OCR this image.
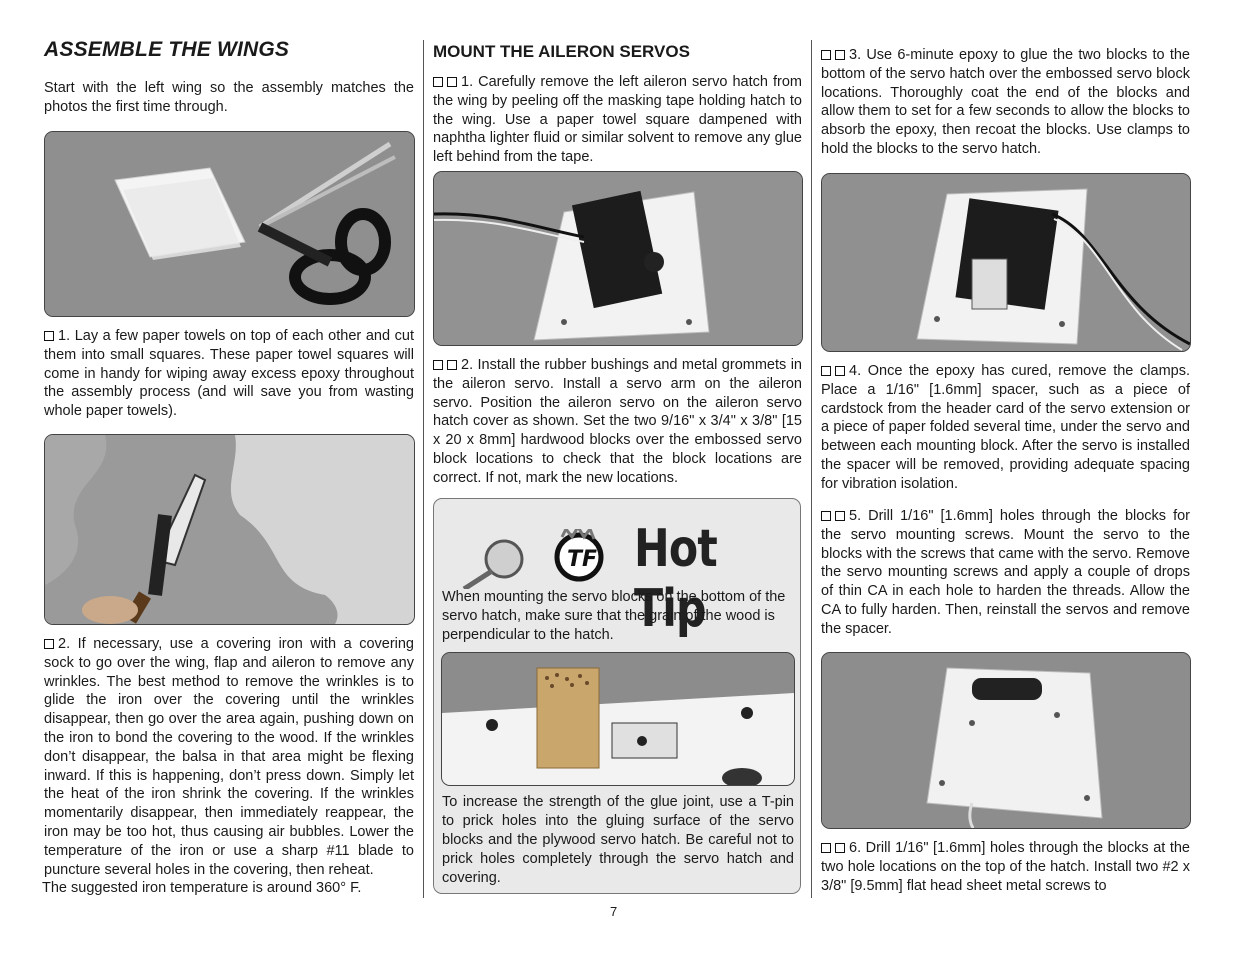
ASSEMBLE THE WINGS

Start with the left wing so the assembly matches the photos the first time through.

1. Lay a few paper towels on top of each other and cut them into small squares. These paper towel squares will come in handy for wiping away excess epoxy throughout the assembly process (and will save you from wasting whole paper towels).

2. If necessary, use a covering iron with a covering sock to go over the wing, flap and aileron to remove any wrinkles. The best method to remove the wrinkles is to glide the iron over the covering until the wrinkles disappear, then go over the area again, pushing down on the iron to bond the covering to the wood. If the wrinkles don’t disappear, the balsa in that area might be flexing inward. If this is happening, don’t press down. Simply let the heat of the iron shrink the covering. If the wrinkles momentarily disappear, then immediately reappear, the iron may be too hot, thus causing air bubbles. Lower the temperature of the iron or use a sharp #11 blade to puncture several holes in the covering, then reheat.

The suggested iron temperature is around 360° F.

MOUNT THE AILERON SERVOS

1. Carefully remove the left aileron servo hatch from the wing by peeling off the masking tape holding hatch to the wing. Use a paper towel square dampened with naphtha lighter fluid or similar solvent to remove any glue left behind from the tape.

2. Install the rubber bushings and metal grommets in the aileron servo. Install a servo arm on the aileron servo. Position the aileron servo on the aileron servo hatch cover as shown. Set the two 9/16" x 3/4" x 3/8" [15 x 20 x 8mm] hardwood blocks over the embossed servo block locations to check that the block locations are correct. If not, mark the new locations.

TF Hot Tip
When mounting the servo blocks on the bottom of the servo hatch, make sure that the grain of the wood is perpendicular to the hatch.
To increase the strength of the glue joint, use a T-pin to prick holes into the gluing surface of the servo blocks and the plywood servo hatch. Be careful not to prick holes completely through the servo hatch and covering.

3. Use 6-minute epoxy to glue the two blocks to the bottom of the servo hatch over the embossed servo block locations. Thoroughly coat the end of the blocks and allow them to set for a few seconds to allow the blocks to absorb the epoxy, then recoat the blocks. Use clamps to hold the blocks to the servo hatch.

4. Once the epoxy has cured, remove the clamps. Place a 1/16" [1.6mm] spacer, such as a piece of cardstock from the header card of the servo extension or a piece of paper folded several time, under the servo and between each mounting block. After the servo is installed the spacer will be removed, providing adequate spacing for vibration isolation.

5. Drill 1/16" [1.6mm] holes through the blocks for the servo mounting screws. Mount the servo to the blocks with the screws that came with the servo. Remove the servo mounting screws and apply a couple of drops of thin CA in each hole to harden the threads. Allow the CA to fully harden. Then, reinstall the servos and remove the spacer.

6. Drill 1/16" [1.6mm] holes through the blocks at the two hole locations on the top of the hatch. Install two #2 x 3/8" [9.5mm] flat head sheet metal screws to

7
